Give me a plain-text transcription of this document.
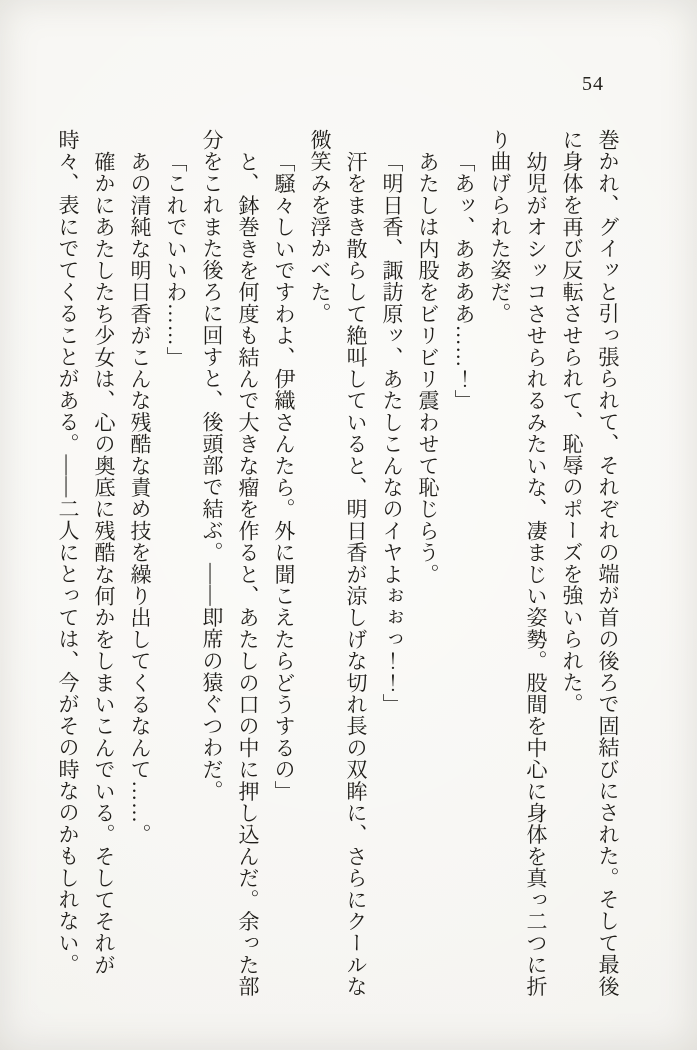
54
巻かれ、グイッと引っ張られて、それぞれの端が首の後ろで固結びにされた。そして最後
に身体を再び反転させられて、恥辱のポーズを強いられた。
幼児がオシッコさせられるみたいな、凄まじい姿勢。股間を中心に身体を真っ二つに折
り曲げられた姿だ。
「あッ、ああああ……！」
あたしは内股をビリビリ震わせて恥じらう。
「明日香、諏訪原ッ、あたしこんなのイヤよぉぉっ！！」
汗をまき散らして絶叫していると、明日香が涼しげな切れ長の双眸に、さらにクールな
微笑みを浮かべた。
「騒々しいですわよ、伊織さんたら。外に聞こえたらどうするの」
と、鉢巻きを何度も結んで大きな瘤を作ると、あたしの口の中に押し込んだ。余った部
分をこれまた後ろに回すと、後頭部で結ぶ。――即席の猿ぐつわだ。
「これでいいわ……」
あの清純な明日香がこんな残酷な責め技を繰り出してくるなんて……。
確かにあたしたち少女は、心の奥底に残酷な何かをしまいこんでいる。そしてそれが
時々、表にでてくることがある。――二人にとっては、今がその時なのかもしれない。
